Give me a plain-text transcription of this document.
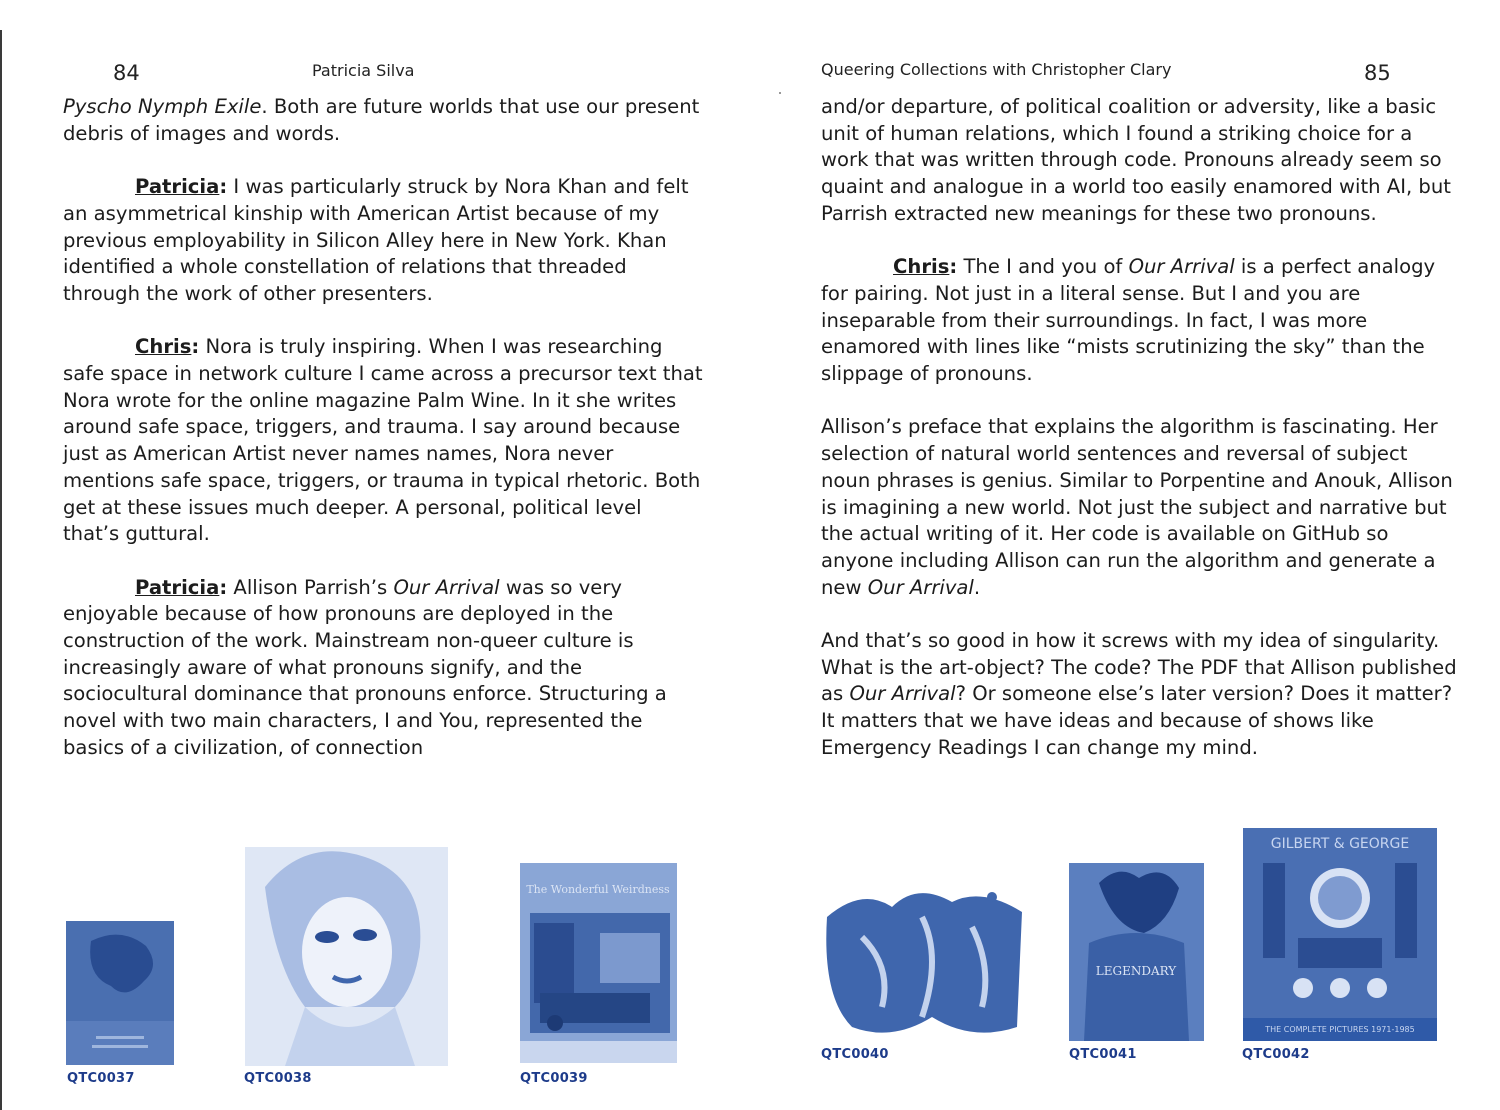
84	Patricia Silva

Pyscho Nymph Exile. Both are future worlds that use our present debris of images and words.

Patricia: I was particularly struck by Nora Khan and felt an asymmetrical kinship with American Artist because of my previous employability in Silicon Alley here in New York. Khan identified a whole constellation of relations that threaded through the work of other presenters.

Chris: Nora is truly inspiring. When I was researching safe space in network culture I came across a precursor text that Nora wrote for the online magazine Palm Wine. In it she writes around safe space, triggers, and trauma. I say around because just as American Artist never names names, Nora never mentions safe space, triggers, or trauma in typical rhetoric. Both get at these issues much deeper. A personal, political level that’s guttural.

Patricia: Allison Parrish’s Our Arrival was so very enjoyable because of how pronouns are deployed in the construction of the work. Mainstream non-queer culture is increasingly aware of what pronouns signify, and the sociocultural dominance that pronouns enforce. Structuring a novel with two main characters, I and You, represented the basics of a civilization, of connection

QTC0037	QTC0038
The Wonderful Weirdness
QTC0039
Queering Collections with Christopher Clary	85

and/or departure, of political coalition or adversity, like a basic unit of human relations, which I found a striking choice for a work that was written through code. Pronouns already seem so quaint and analogue in a world too easily enamored with AI, but Parrish extracted new meanings for these two pronouns.

Chris: The I and you of Our Arrival is a perfect analogy for pairing. Not just in a literal sense. But I and you are inseparable from their surroundings. In fact, I was more enamored with lines like “mists scrutinizing the sky” than the slippage of pronouns.

Allison’s preface that explains the algorithm is fascinating. Her selection of natural world sentences and reversal of subject noun phrases is genius. Similar to Porpentine and Anouk, Allison is imagining a new world. Not just the subject and narrative but the actual writing of it. Her code is available on GitHub so anyone including Allison can run the algorithm and generate a new Our Arrival.

And that’s so good in how it screws with my idea of singularity. What is the art-object? The code? The PDF that Allison published as Our Arrival? Or someone else’s later version? Does it matter? It matters that we have ideas and because of shows like Emergency Readings I can change my mind.

QTC0040
LEGENDARY
QTC0041
GILBERT & GEORGE
THE COMPLETE PICTURES 1971-1985
QTC0042
